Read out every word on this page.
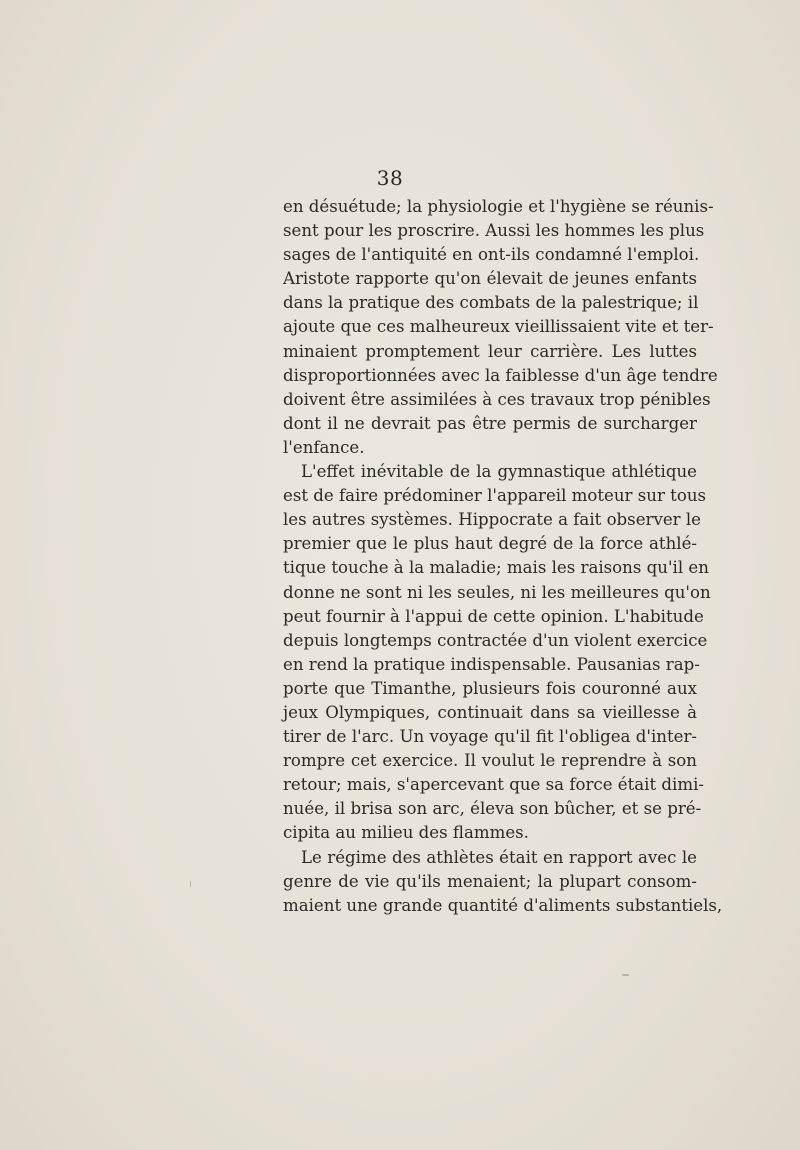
38
en désuétude; la physiologie et l'hygiène se réunis-
sent pour les proscrire. Aussi les hommes les plus
sages de l'antiquité en ont-ils condamné l'emploi.
Aristote rapporte qu'on élevait de jeunes enfants
dans la pratique des combats de la palestrique; il
ajoute que ces malheureux vieillissaient vite et ter-
minaient promptement leur carrière. Les luttes
disproportionnées avec la faiblesse d'un âge tendre
doivent être assimilées à ces travaux trop pénibles
dont il ne devrait pas être permis de surcharger
l'enfance.
L'effet inévitable de la gymnastique athlétique
est de faire prédominer l'appareil moteur sur tous
les autres systèmes. Hippocrate a fait observer le
premier que le plus haut degré de la force athlé-
tique touche à la maladie; mais les raisons qu'il en
donne ne sont ni les seules, ni les meilleures qu'on
peut fournir à l'appui de cette opinion. L'habitude
depuis longtemps contractée d'un violent exercice
en rend la pratique indispensable. Pausanias rap-
porte que Timanthe, plusieurs fois couronné aux
jeux Olympiques, continuait dans sa vieillesse à
tirer de l'arc. Un voyage qu'il fit l'obligea d'inter-
rompre cet exercice. Il voulut le reprendre à son
retour; mais, s'apercevant que sa force était dimi-
nuée, il brisa son arc, éleva son bûcher, et se pré-
cipita au milieu des flammes.
Le régime des athlètes était en rapport avec le
genre de vie qu'ils menaient; la plupart consom-
maient une grande quantité d'aliments substantiels,
